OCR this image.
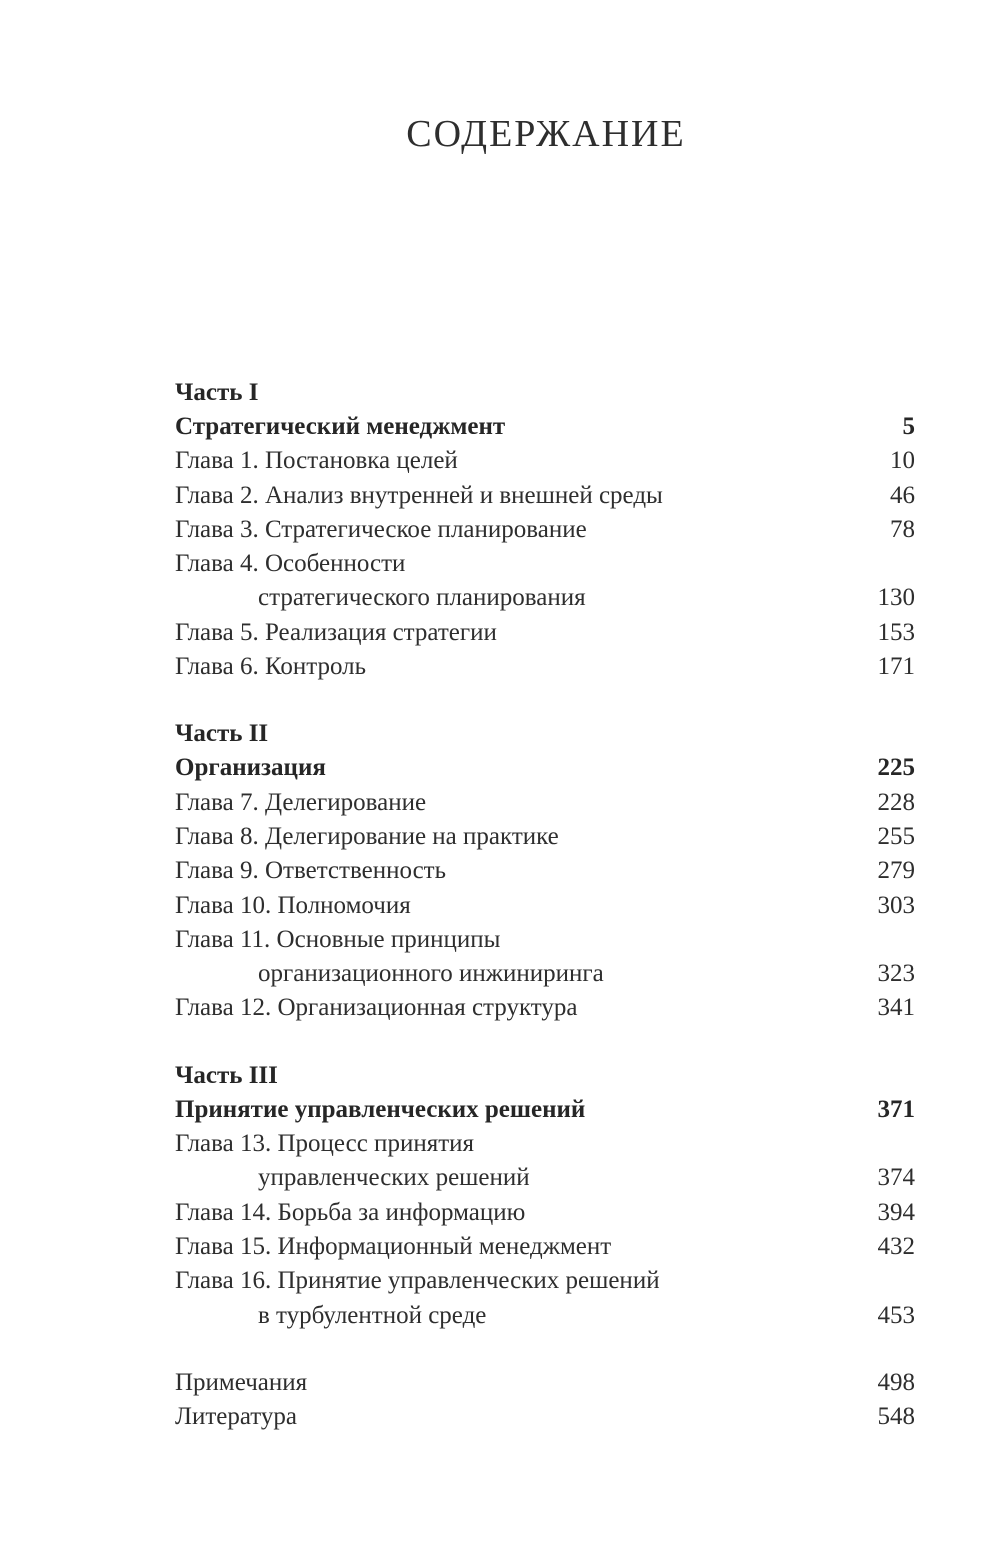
СОДЕРЖАНИЕ
Часть I
Стратегический менеджмент	5
Глава 1. Постановка целей	10
Глава 2. Анализ внутренней и внешней среды	46
Глава 3. Стратегическое планирование	78
Глава 4. Особенности
стратегического планирования	130
Глава 5. Реализация стратегии	153
Глава 6. Контроль	171
Часть II
Организация	225
Глава 7. Делегирование	228
Глава 8. Делегирование на практике	255
Глава 9. Ответственность	279
Глава 10. Полномочия	303
Глава 11. Основные принципы
организационного инжиниринга	323
Глава 12. Организационная структура	341
Часть III
Принятие управленческих решений	371
Глава 13. Процесс принятия
управленческих решений	374
Глава 14. Борьба за информацию	394
Глава 15. Информационный менеджмент	432
Глава 16. Принятие управленческих решений
в турбулентной среде	453
Примечания	498
Литература	548
